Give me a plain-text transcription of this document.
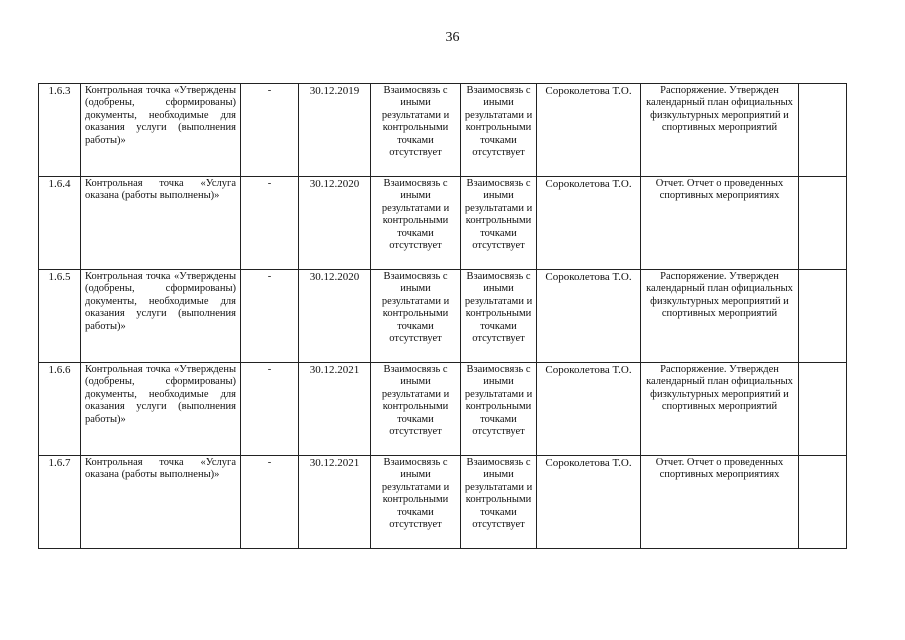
36
1.6.3	Контрольная точка «Утверждены (одобрены, сформированы) документы, необходимые для оказания услуги (выполнения работы)»	-	30.12.2019	Взаимосвязь с иными результатами и контрольными точками отсутствует	Взаимосвязь с иными результатами и контрольными точками отсутствует	Сороколетова Т.О.	Распоряжение. Утвержден календарный план официальных физкультурных мероприятий и спортивных мероприятий	
1.6.4	Контрольная точка «Услуга оказана (работы выполнены)»	-	30.12.2020	Взаимосвязь с иными результатами и контрольными точками отсутствует	Взаимосвязь с иными результатами и контрольными точками отсутствует	Сороколетова Т.О.	Отчет. Отчет о проведенных спортивных мероприятиях	
1.6.5	Контрольная точка «Утверждены (одобрены, сформированы) документы, необходимые для оказания услуги (выполнения работы)»	-	30.12.2020	Взаимосвязь с иными результатами и контрольными точками отсутствует	Взаимосвязь с иными результатами и контрольными точками отсутствует	Сороколетова Т.О.	Распоряжение. Утвержден календарный план официальных физкультурных мероприятий и спортивных мероприятий	
1.6.6	Контрольная точка «Утверждены (одобрены, сформированы) документы, необходимые для оказания услуги (выполнения работы)»	-	30.12.2021	Взаимосвязь с иными результатами и контрольными точками отсутствует	Взаимосвязь с иными результатами и контрольными точками отсутствует	Сороколетова Т.О.	Распоряжение. Утвержден календарный план официальных физкультурных мероприятий и спортивных мероприятий	
1.6.7	Контрольная точка «Услуга оказана (работы выполнены)»	-	30.12.2021	Взаимосвязь с иными результатами и контрольными точками отсутствует	Взаимосвязь с иными результатами и контрольными точками отсутствует	Сороколетова Т.О.	Отчет. Отчет о проведенных спортивных мероприятиях	
